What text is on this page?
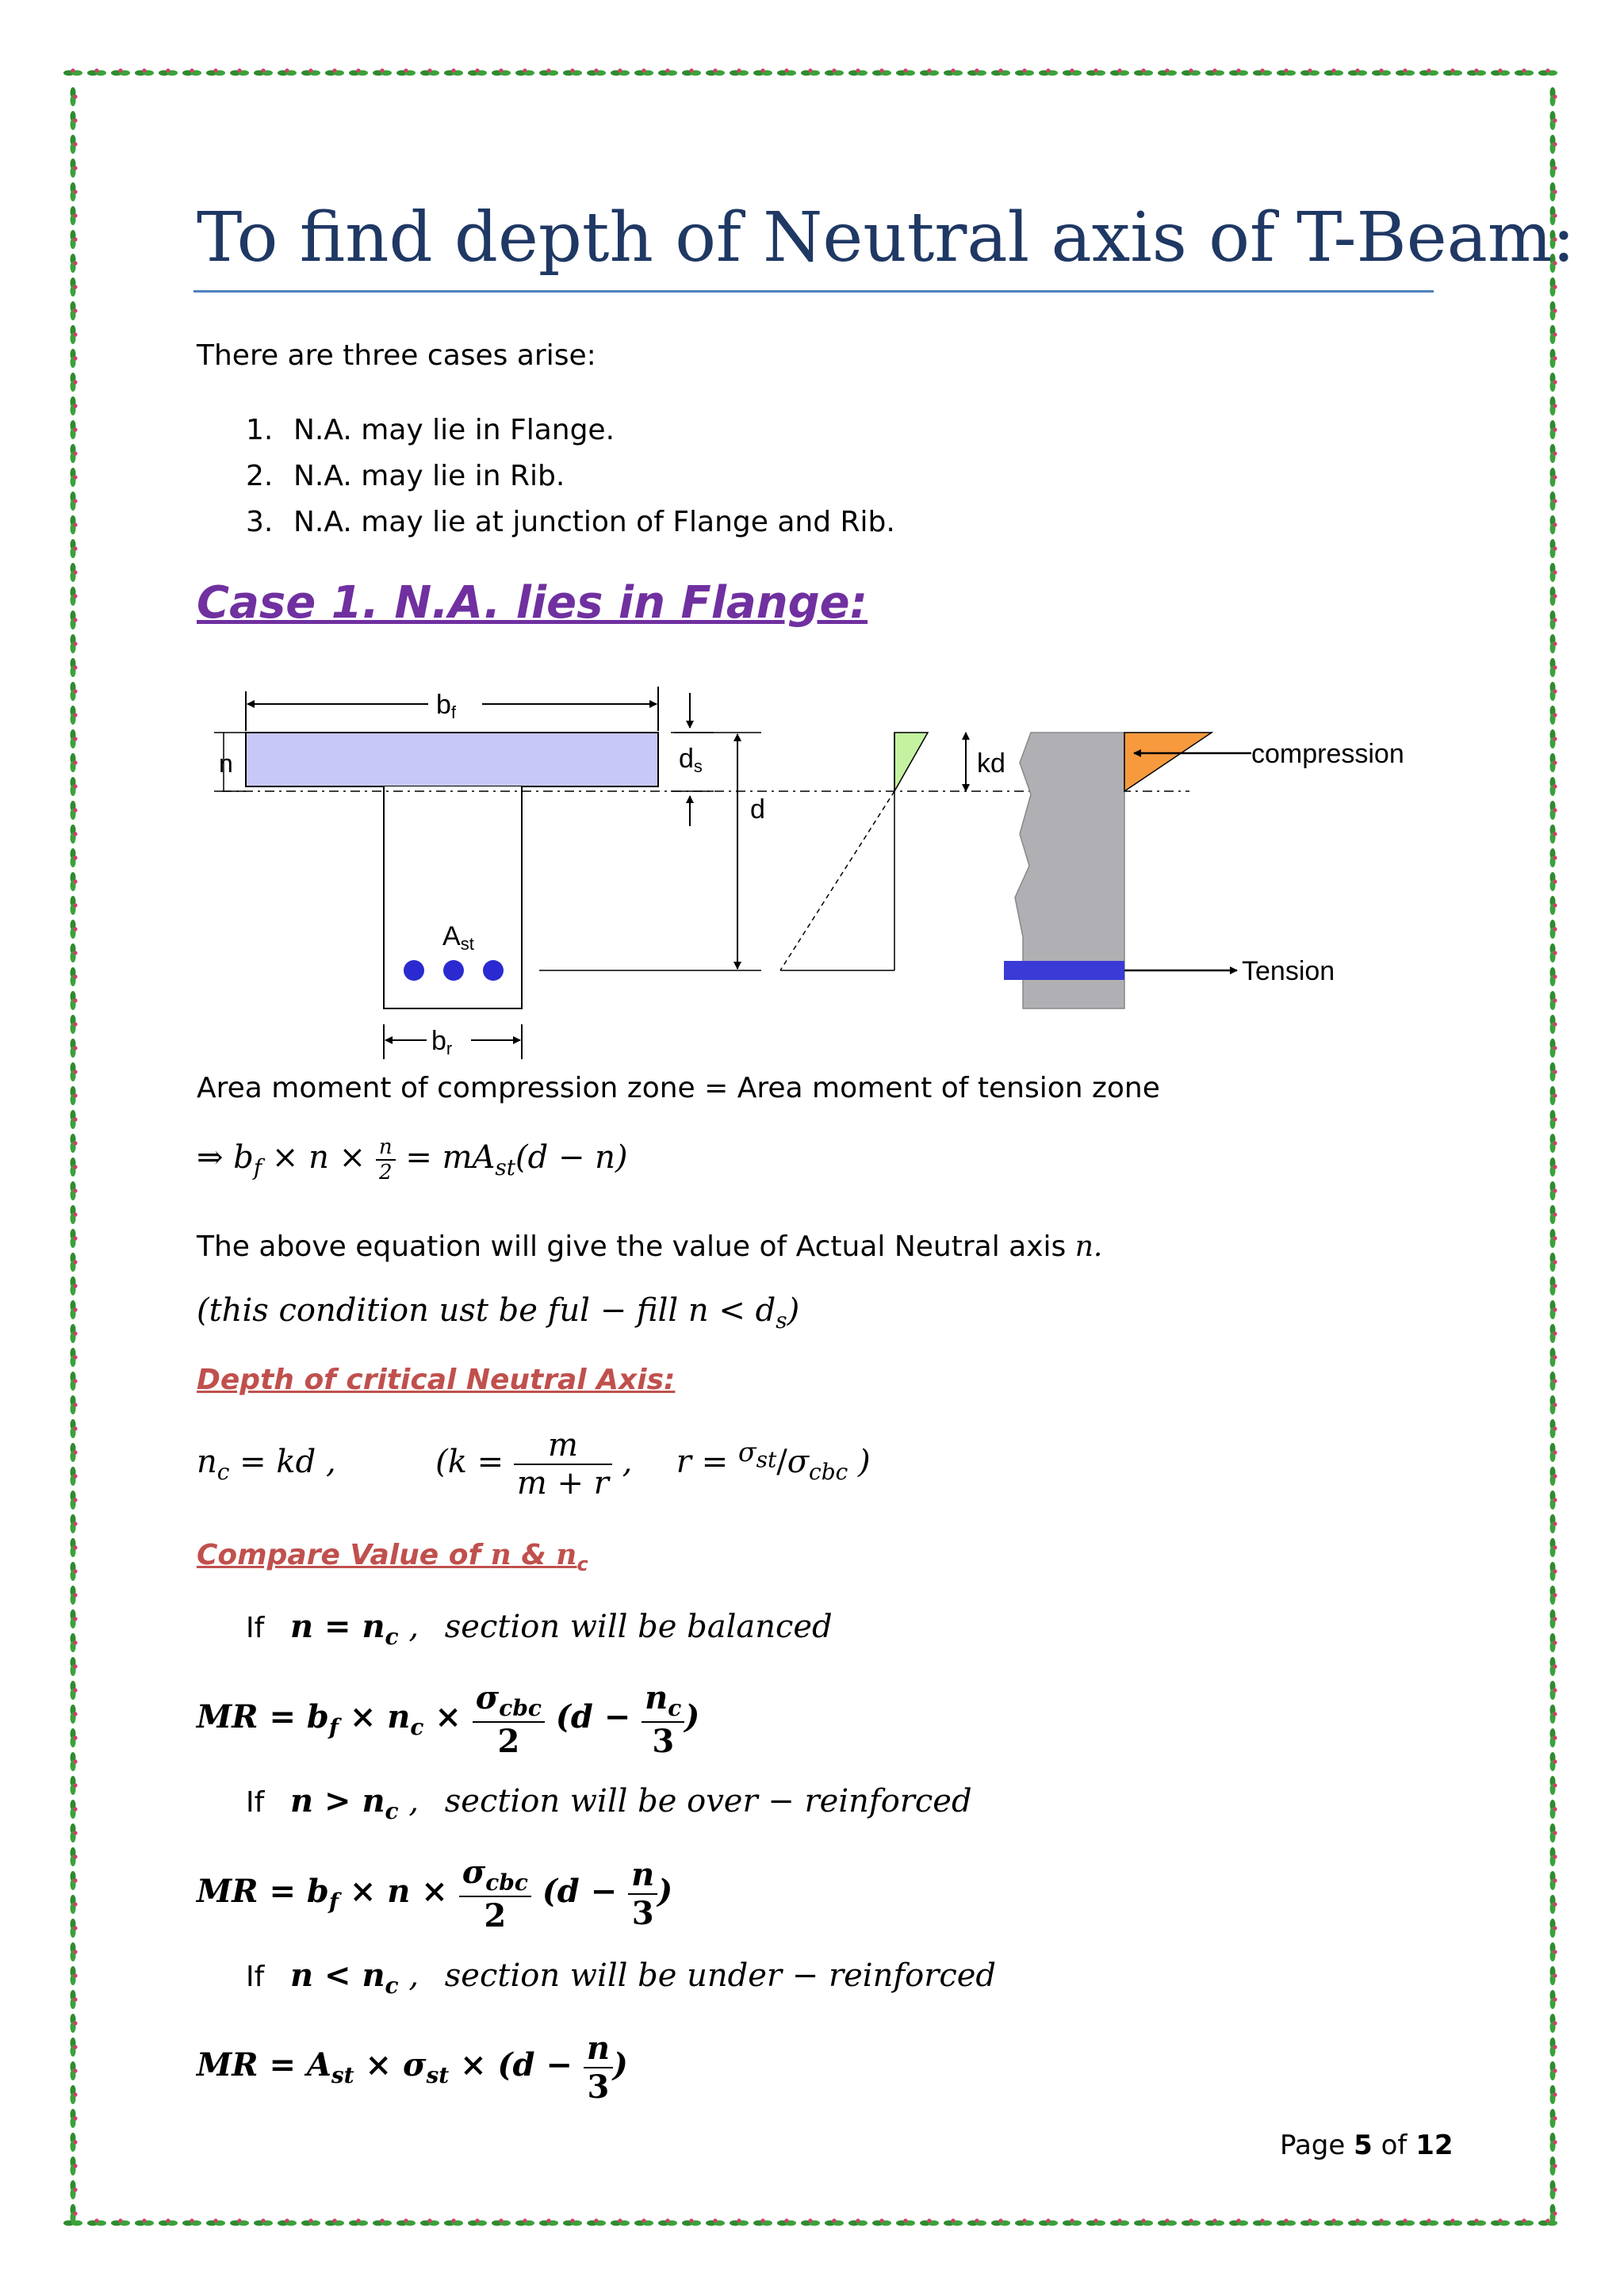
To find depth of Neutral axis of T-Beam:
There are three cases arise:
1. N.A. may lie in Flange.
2. N.A. may lie in Rib.
3. N.A. may lie at junction of Flange and Rib.
Case 1. N.A. lies in Flange:
bf
n	ds
d
Ast
br
kd	compression
Tension
Area moment of compression zone = Area moment of tension zone
⇒ $b_f \times n \times \frac{n}{2} = mA_{st}(d - n)$
The above equation will give the value of Actual Neutral axis n.
(this condition ust be ful − fill $n < d_s$)
Depth of critical Neutral Axis:
$n_c$ = kd ,	($k = \frac{m}{m + r}$ , $r = ^{\sigma_{st}}/\sigma_{cbc}$ )
Compare Value of n & $n_c$
If $n = n_c$ , section will be balanced
MR = $b_f \times n_c \times \frac{\sigma_{cbc}}{2} (d - \frac{n_c}{3}$ )
If $n > n_c$ , section will be over − reinforced
MR = $b_f \times n \times \frac{\sigma_{cbc}}{2} (d - \frac{n}{3}$ )
If $n < n_c$ , section will be under − reinforced
MR = $A_{st} \times \sigma_{st} \times (d - \frac{n}{3}$ )
Page 5 of 12
